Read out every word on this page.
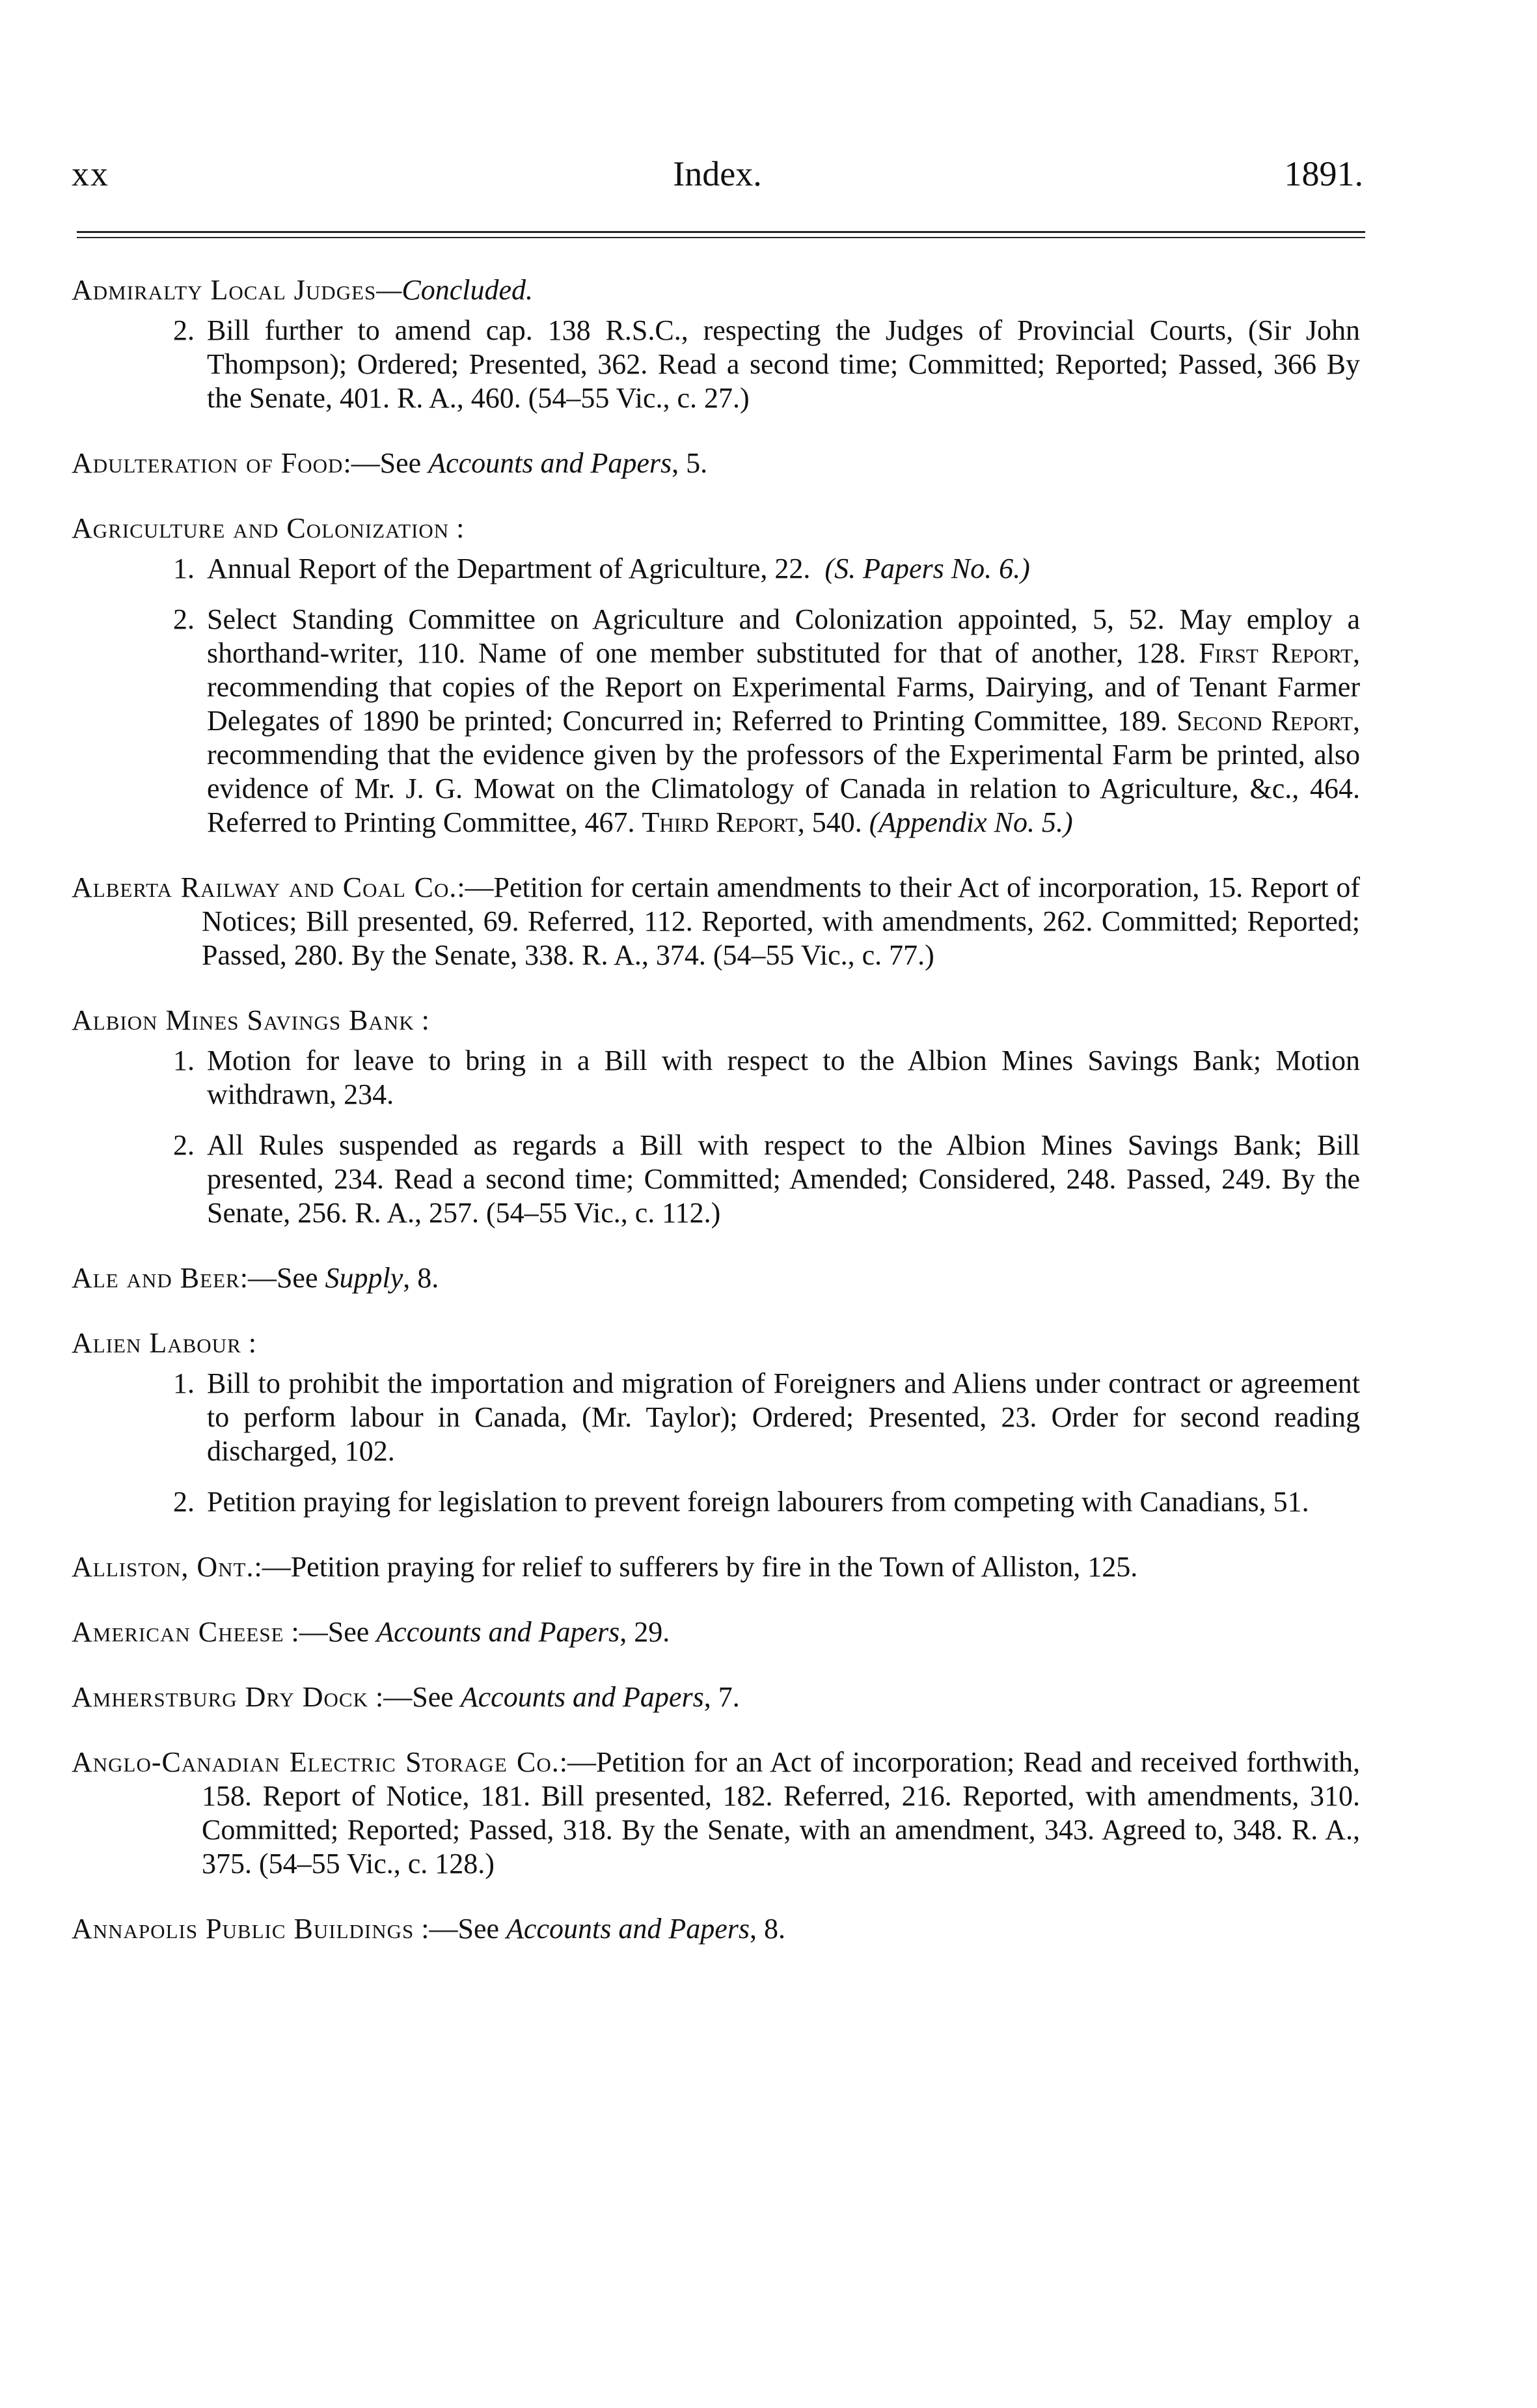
xx	Index.	1891.
Admiralty Local Judges—Concluded.
2. Bill further to amend cap. 138 R.S.C., respecting the Judges of Provincial Courts, (Sir John Thompson); Ordered; Presented, 362. Read a second time; Committed; Reported; Passed, 366 By the Senate, 401. R. A., 460. (54–55 Vic., c. 27.)
Adulteration of Food:—See Accounts and Papers, 5.
Agriculture and Colonization :
1. Annual Report of the Department of Agriculture, 22. (S. Papers No. 6.)
2. Select Standing Committee on Agriculture and Colonization appointed, 5, 52. May employ a shorthand-writer, 110. Name of one member substituted for that of another, 128. First Report, recommending that copies of the Report on Experimental Farms, Dairying, and of Tenant Farmer Delegates of 1890 be printed; Concurred in; Referred to Printing Committee, 189. Second Report, recommending that the evidence given by the professors of the Experimental Farm be printed, also evidence of Mr. J. G. Mowat on the Climatology of Canada in relation to Agriculture, &c., 464. Referred to Printing Committee, 467. Third Report, 540. (Appendix No. 5.)
Alberta Railway and Coal Co.:—Petition for certain amendments to their Act of incorporation, 15. Report of Notices; Bill presented, 69. Referred, 112. Reported, with amendments, 262. Committed; Reported; Passed, 280. By the Senate, 338. R. A., 374. (54–55 Vic., c. 77.)
Albion Mines Savings Bank :
1. Motion for leave to bring in a Bill with respect to the Albion Mines Savings Bank; Motion withdrawn, 234.
2. All Rules suspended as regards a Bill with respect to the Albion Mines Savings Bank; Bill presented, 234. Read a second time; Committed; Amended; Considered, 248. Passed, 249. By the Senate, 256. R. A., 257. (54–55 Vic., c. 112.)
Ale and Beer:—See Supply, 8.
Alien Labour :
1. Bill to prohibit the importation and migration of Foreigners and Aliens under contract or agreement to perform labour in Canada, (Mr. Taylor); Ordered; Presented, 23. Order for second reading discharged, 102.
2. Petition praying for legislation to prevent foreign labourers from competing with Canadians, 51.
Alliston, Ont.:—Petition praying for relief to sufferers by fire in the Town of Alliston, 125.
American Cheese :—See Accounts and Papers, 29.
Amherstburg Dry Dock :—See Accounts and Papers, 7.
Anglo-Canadian Electric Storage Co.:—Petition for an Act of incorporation; Read and received forthwith, 158. Report of Notice, 181. Bill presented, 182. Referred, 216. Reported, with amendments, 310. Committed; Reported; Passed, 318. By the Senate, with an amendment, 343. Agreed to, 348. R. A., 375. (54–55 Vic., c. 128.)
Annapolis Public Buildings :—See Accounts and Papers, 8.
